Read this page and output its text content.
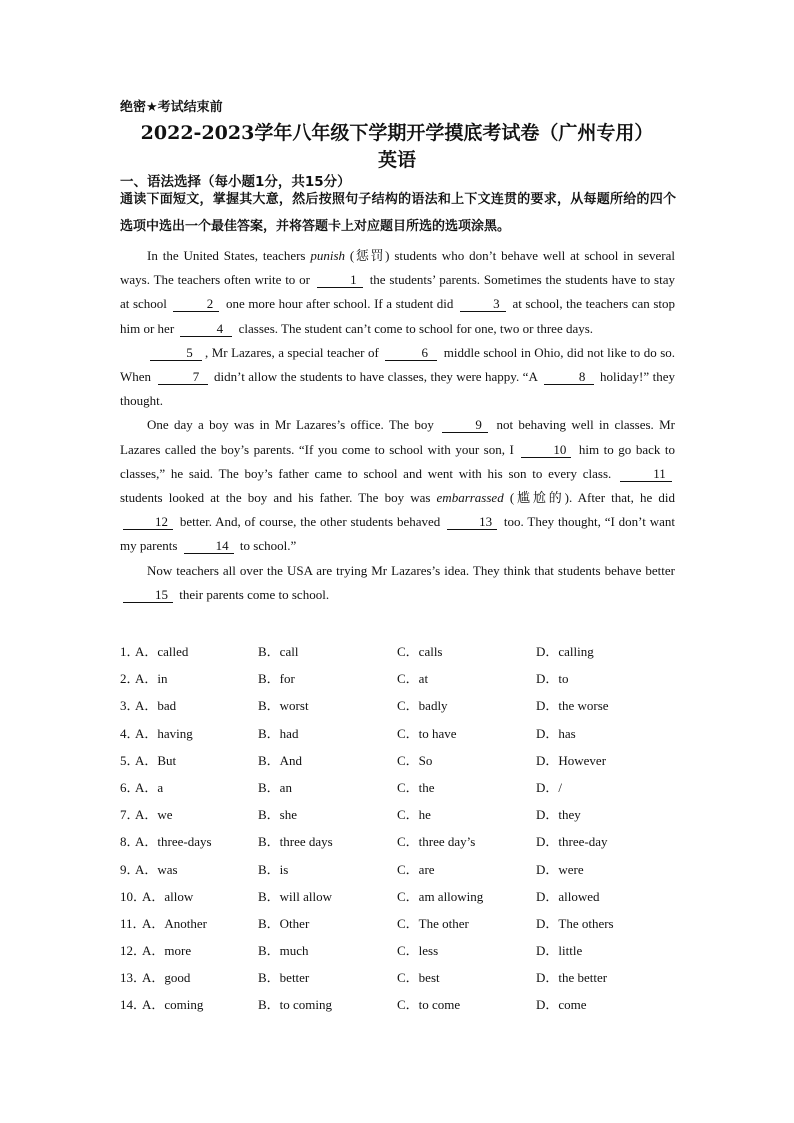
绝密★考试结束前
2022-2023学年八年级下学期开学摸底考试卷（广州专用）
英语
一、语法选择（每小题1分，共15分）
通读下面短文，掌握其大意，然后按照句子结构的语法和上下文连贯的要求，从每题所给的四个选项中选出一个最佳答案，并将答题卡上对应题目所选的选项涂黑。

In the United States, teachers punish (惩罚) students who don’t behave well at school in several ways. The teachers often write to or	1 the students’ parents. Sometimes the students have to stay at school	2 one more hour after school. If a student did	3 at school, the teachers can stop him or her	4 classes. The student can’t come to school for one, two or three days.

5 , Mr Lazares, a special teacher of	6 middle school in Ohio, did not like to do so. When	7 didn’t allow the students to have classes, they were happy. “A	8 holiday!” they thought.

One day a boy was in Mr Lazares’s office. The boy	9 not behaving well in classes. Mr Lazares called the boy’s parents. “If you come to school with your son, I	10 him to go back to classes,” he said. The boy’s father came to school and went with his son to every class.	11 students looked at the boy and his father. The boy was embarrassed (尴尬的). After that, he did 12 better. And, of course, the other students behaved	13 too. They thought, “I don’t want my parents	14 to school.”

Now teachers all over the USA are trying Mr Lazares’s idea. They think that students behave better 15 their parents come to school.

1．
A．called	B．call	C．calls	D．calling
2．
A．in	B．for	C．at	D．to
3．
A．bad	B．worst	C．badly	D．the worse
4．
A．having	B．had	C．to have	D．has
5．
A．But	B．And	C．So	D．However
6．
A．a	B．an	C．the	D．/
7．
A．we	B．she	C．he	D．they
8．
A．three-days	B．three days	C．three day’s	D．three-day
9．
A．was	B．is	C．are	D．were
10．
A．allow	B．will allow	C．am allowing	D．allowed
11．
A．Another	B．Other	C．The other	D．The others
12．
A．more	B．much	C．less	D．little
13．
A．good	B．better	C．best	D．the better
14．
A．coming	B．to coming	C．to come	D．come
